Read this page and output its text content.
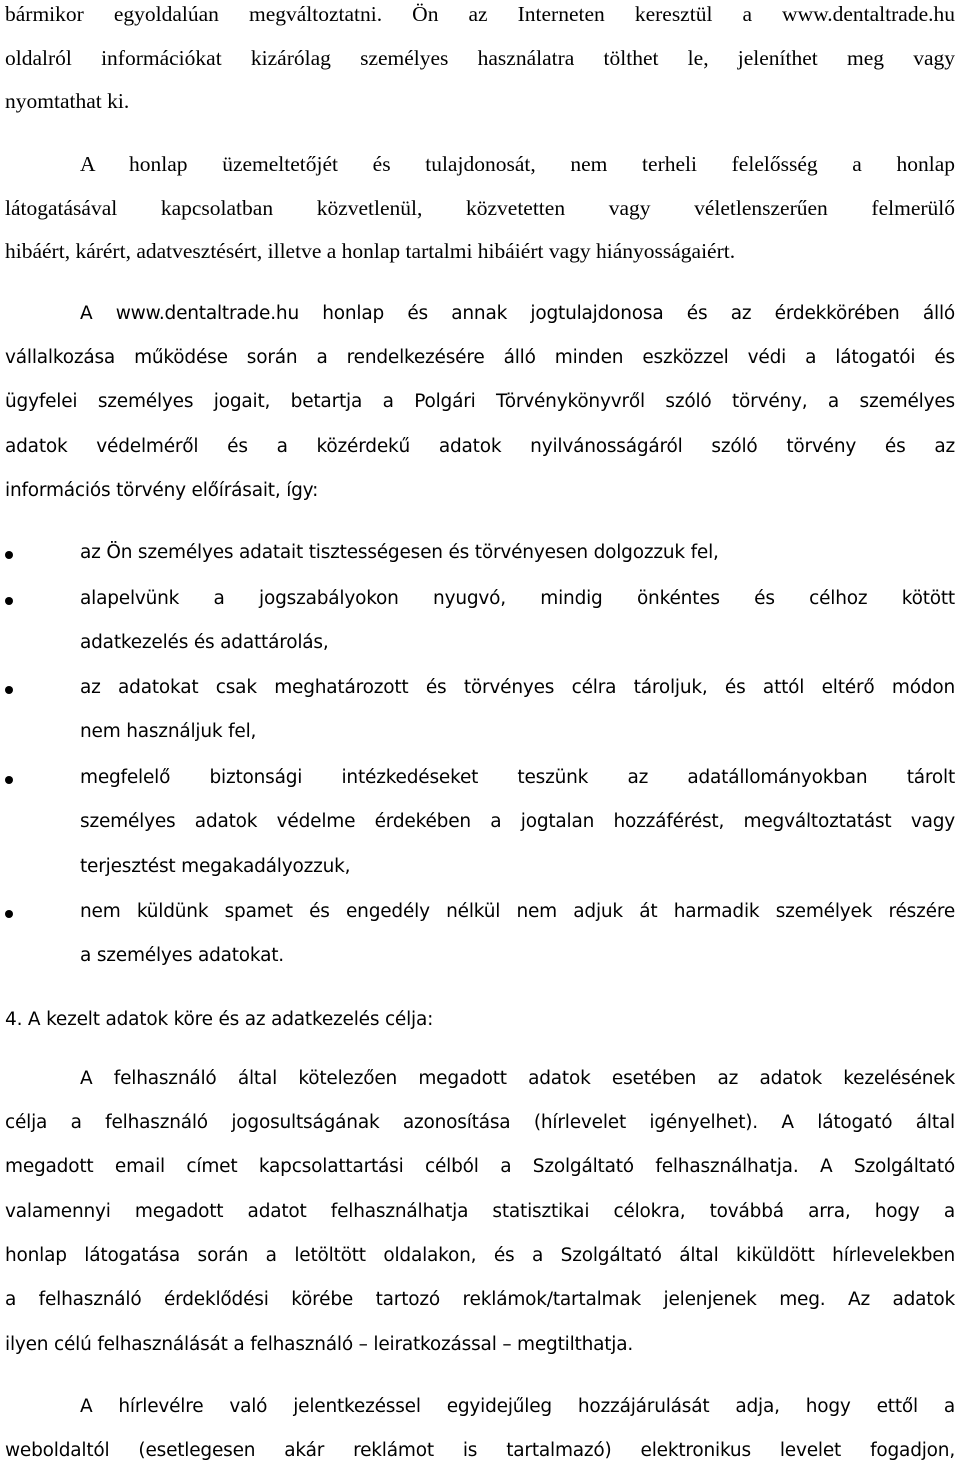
bármikor egyoldalúan megváltoztatni. Ön az Interneten keresztül a www.dentaltrade.hu
oldalról információkat kizárólag személyes használatra tölthet le, jeleníthet meg vagy
nyomtathat ki.
A honlap üzemeltetőjét és tulajdonosát, nem terheli felelősség a honlap
látogatásával kapcsolatban közvetlenül, közvetetten vagy véletlenszerűen felmerülő
hibáért, kárért, adatvesztésért, illetve a honlap tartalmi hibáiért vagy hiányosságaiért.
A www.dentaltrade.hu honlap és annak jogtulajdonosa és az érdekkörében álló
vállalkozása működése során a rendelkezésére álló minden eszközzel védi a látogatói és
ügyfelei személyes jogait, betartja a Polgári Törvénykönyvről szóló törvény, a személyes
adatok védelméről és a közérdekű adatok nyilvánosságáról szóló törvény és az
információs törvény előírásait, így:
az Ön személyes adatait tisztességesen és törvényesen dolgozzuk fel,
alapelvünk a jogszabályokon nyugvó, mindig önkéntes és célhoz kötött
adatkezelés és adattárolás,
az adatokat csak meghatározott és törvényes célra tároljuk, és attól eltérő módon
nem használjuk fel,
megfelelő biztonsági intézkedéseket teszünk az adatállományokban tárolt
személyes adatok védelme érdekében a jogtalan hozzáférést, megváltoztatást vagy
terjesztést megakadályozzuk,
nem küldünk spamet és engedély nélkül nem adjuk át harmadik személyek részére
a személyes adatokat.
4. A kezelt adatok köre és az adatkezelés célja:
A felhasználó által kötelezően megadott adatok esetében az adatok kezelésének
célja a felhasználó jogosultságának azonosítása (hírlevelet igényelhet). A látogató által
megadott email címet kapcsolattartási célból a Szolgáltató felhasználhatja. A Szolgáltató
valamennyi megadott adatot felhasználhatja statisztikai célokra, továbbá arra, hogy a
honlap látogatása során a letöltött oldalakon, és a Szolgáltató által kiküldött hírlevelekben
a felhasználó érdeklődési körébe tartozó reklámok/tartalmak jelenjenek meg. Az adatok
ilyen célú felhasználását a felhasználó – leiratkozással – megtilthatja.
A hírlevélre való jelentkezéssel egyidejűleg hozzájárulását adja, hogy ettől a
weboldaltól (esetlegesen akár reklámot is tartalmazó) elektronikus levelet fogadjon,
